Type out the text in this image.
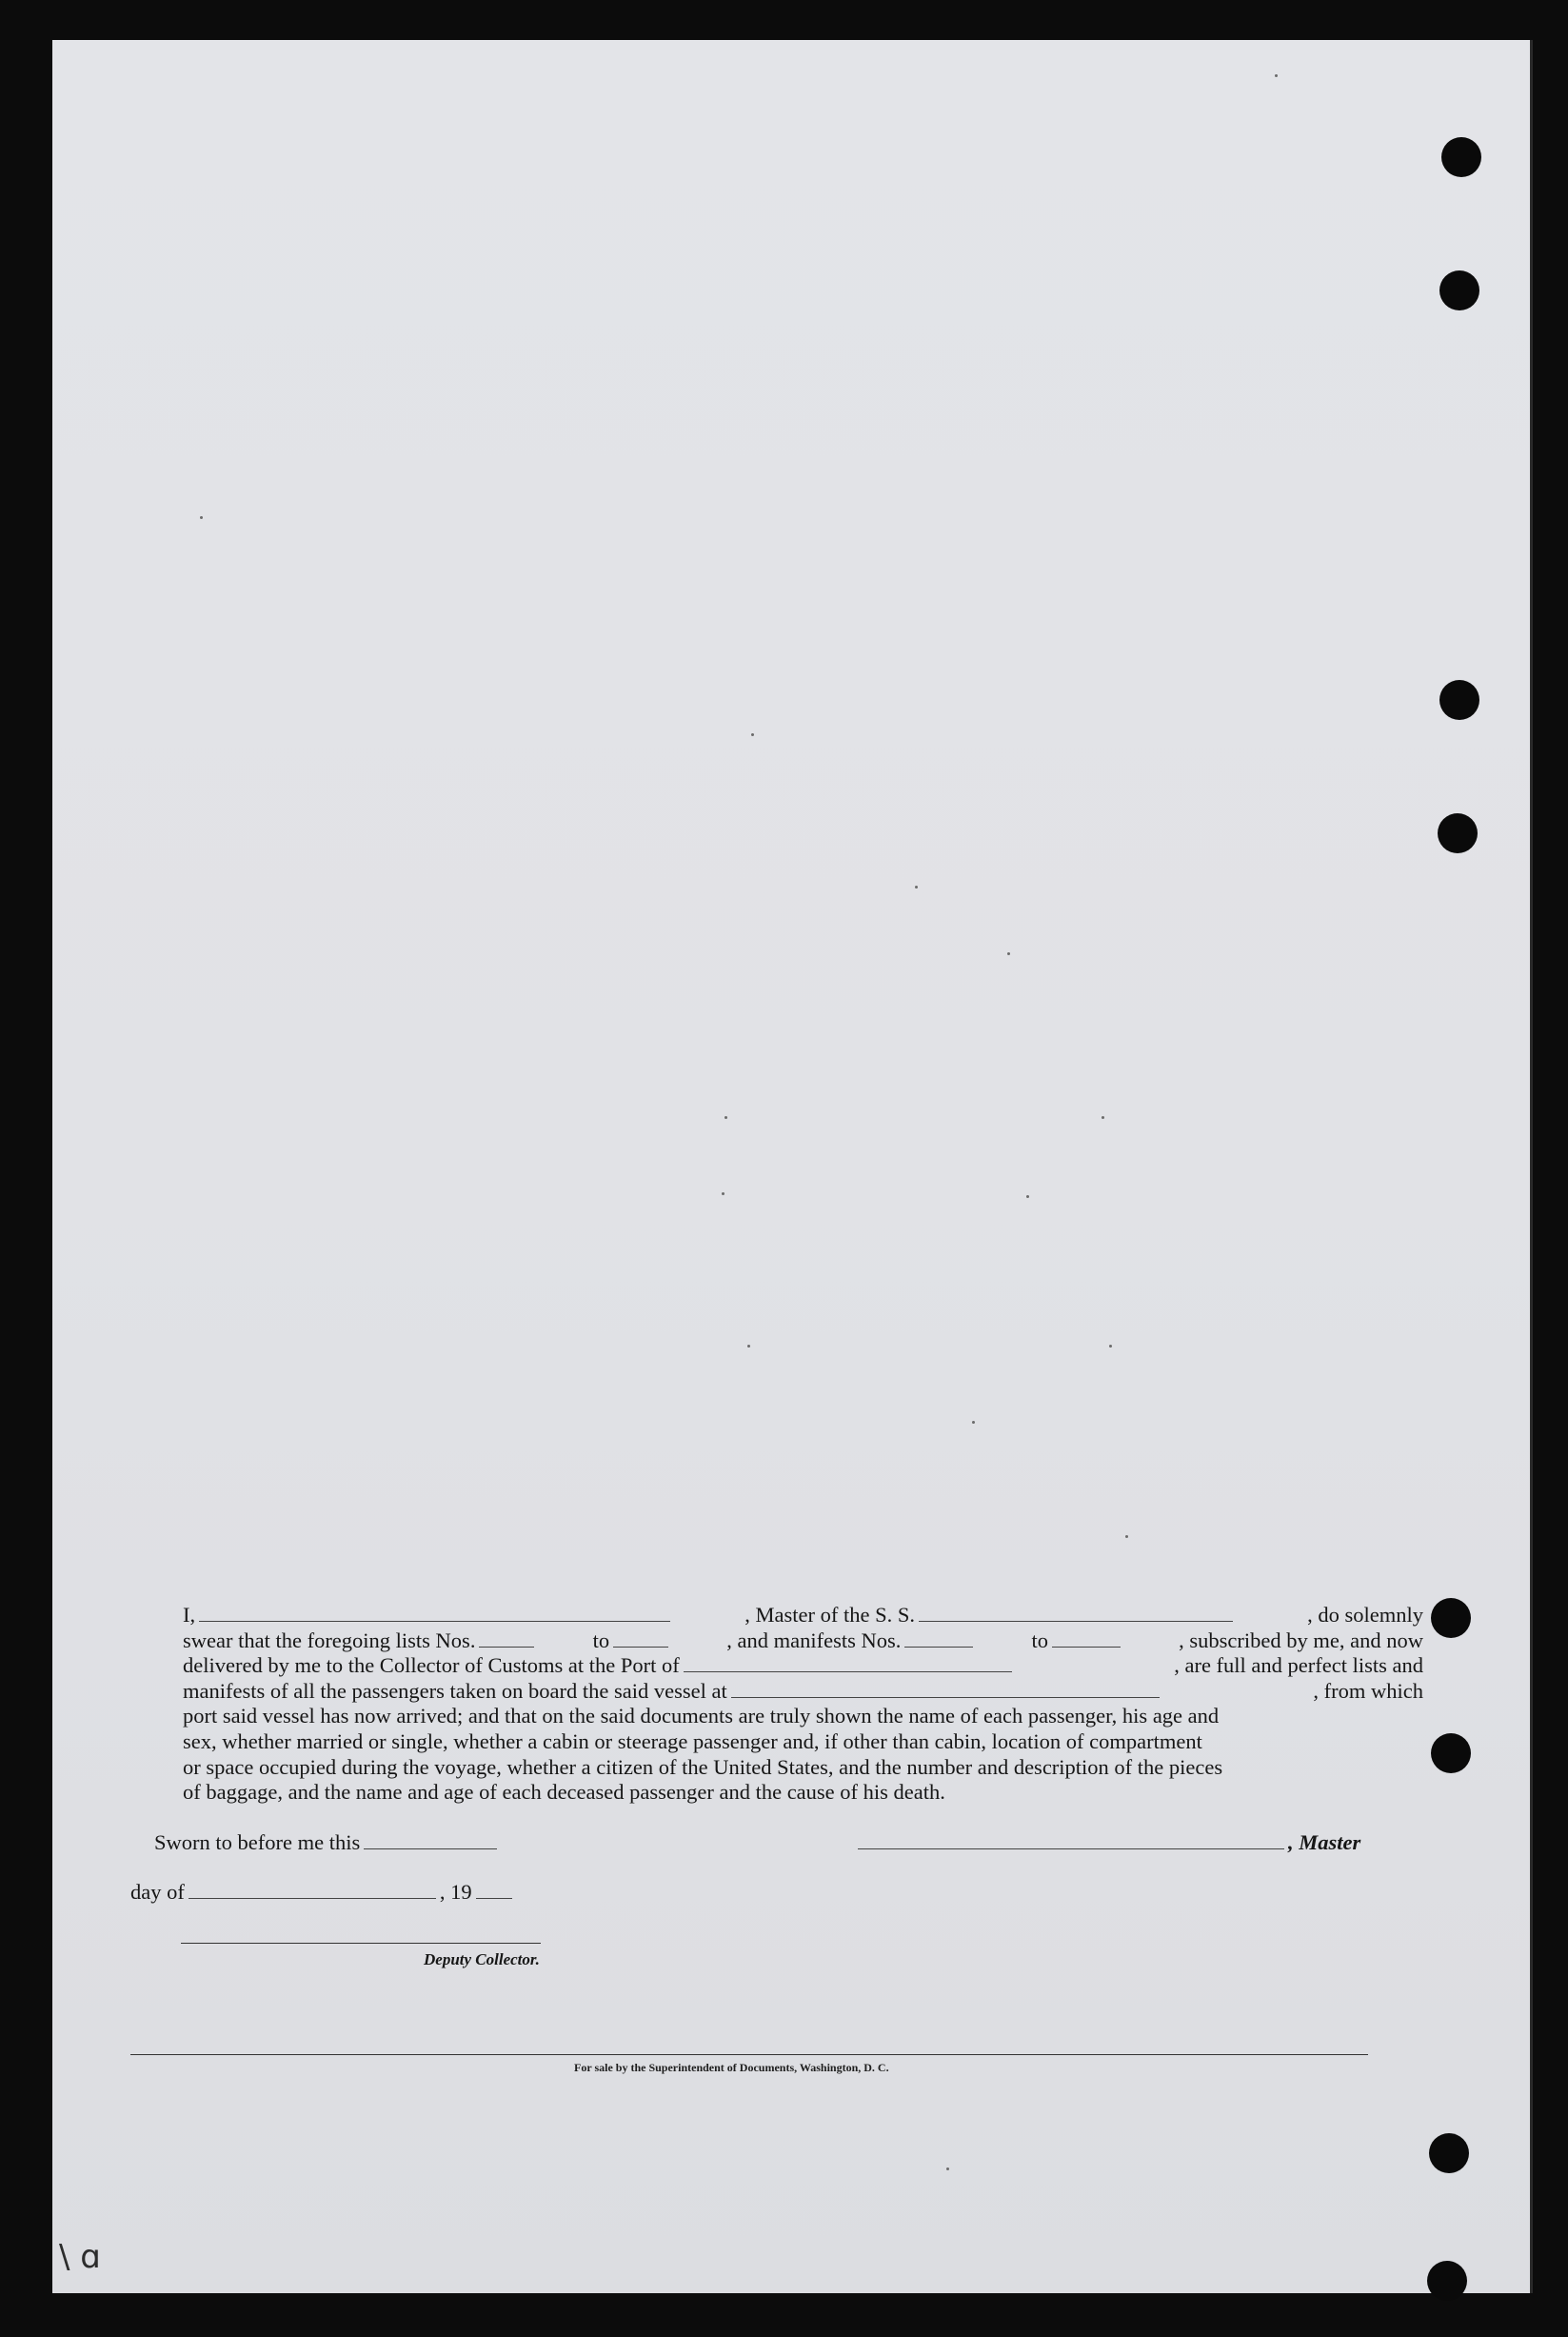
I,	, Master of the S. S.	, do solemnly
swear that the foregoing lists Nos.	to	, and manifests Nos.	to	, subscribed by me, and now
delivered by me to the Collector of Customs at the Port of	, are full and perfect lists and
manifests of all the passengers taken on board the said vessel at	, from which
port said vessel has now arrived; and that on the said documents are truly shown the name of each passenger, his age and
sex, whether married or single, whether a cabin or steerage passenger and, if other than cabin, location of compartment
or space occupied during the voyage, whether a citizen of the United States, and the number and description of the pieces
of baggage, and the name and age of each deceased passenger and the cause of his death.
Sworn to before me this	, Master
day of	, 19
Deputy Collector.
For sale by the Superintendent of Documents, Washington, D. C.
\ ɑ
